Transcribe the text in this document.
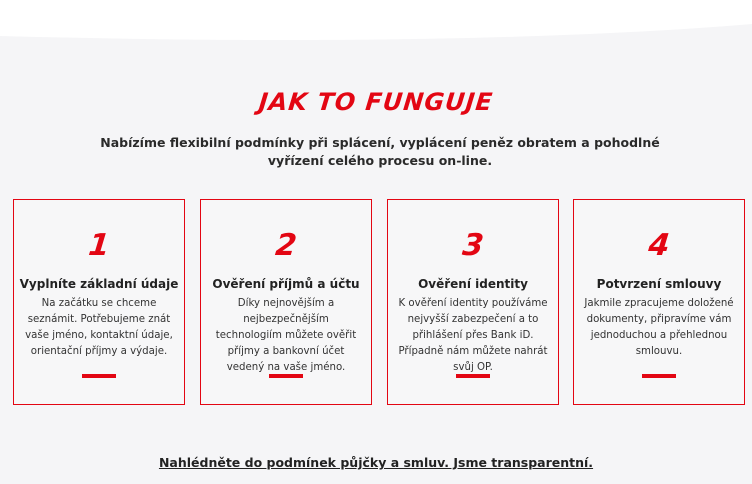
JAK TO FUNGUJE
Nabízíme flexibilní podmínky při splácení, vyplácení peněz obratem a pohodlné vyřízení celého procesu on-line.
1
Vyplníte základní údaje
Na začátku se chceme seznámit. Potřebujeme znát vaše jméno, kontaktní údaje, orientační příjmy a výdaje.
2
Ověření příjmů a účtu
Díky nejnovějším a nejbezpečnějším technologiím můžete ověřit příjmy a bankovní účet vedený na vaše jméno.
3
Ověření identity
K ověření identity používáme nejvyšší zabezpečení a to přihlášení přes Bank iD. Případně nám můžete nahrát svůj OP.
4
Potvrzení smlouvy
Jakmile zpracujeme doložené dokumenty, připravíme vám jednoduchou a přehlednou smlouvu.
Nahlédněte do podmínek půjčky a smluv. Jsme transparentní.
